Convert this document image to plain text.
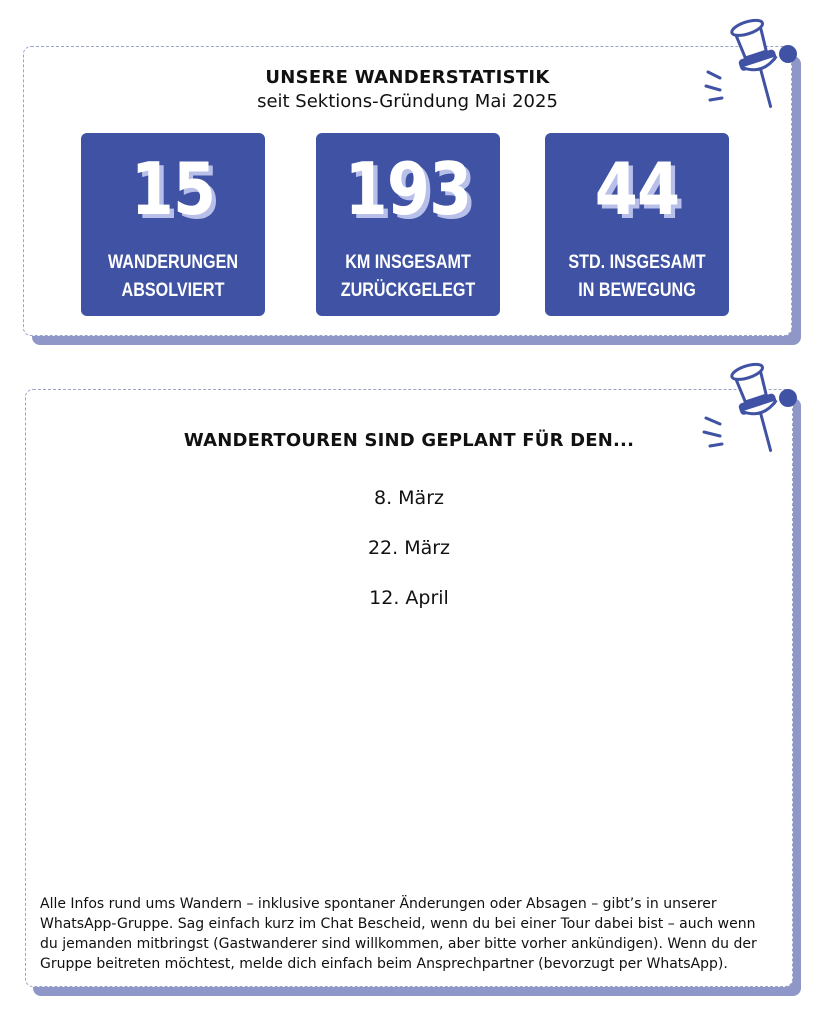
UNSERE WANDERSTATISTIK
seit Sektions-Gründung Mai 2025
15
WANDERUNGEN
ABSOLVIERT
193
KM INSGESAMT
ZURÜCKGELEGT
44
STD. INSGESAMT
IN BEWEGUNG
WANDERTOUREN SIND GEPLANT FÜR DEN...
8. März
22. März
12. April
Alle Infos rund ums Wandern – inklusive spontaner Änderungen oder Absagen – gibt’s in unserer WhatsApp-Gruppe. Sag einfach kurz im Chat Bescheid, wenn du bei einer Tour dabei bist – auch wenn du jemanden mitbringst (Gastwanderer sind willkommen, aber bitte vorher ankündigen). Wenn du der Gruppe beitreten möchtest, melde dich einfach beim Ansprechpartner (bevorzugt per WhatsApp).
